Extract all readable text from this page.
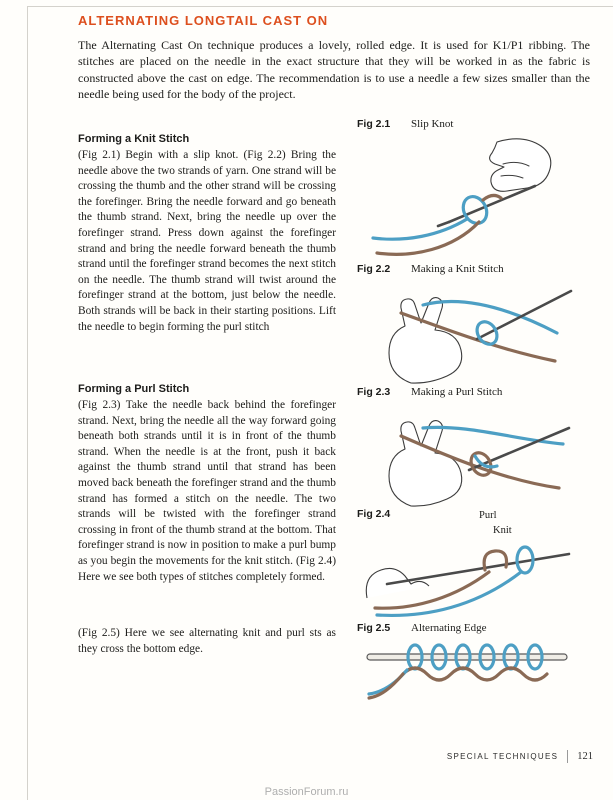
ALTERNATING LONGTAIL CAST ON

The Alternating Cast On technique produces a lovely, rolled edge. It is used for K1/P1 ribbing. The stitches are placed on the needle in the exact structure that they will be worked in as the fabric is constructed above the cast on edge. The recommendation is to use a needle a few sizes smaller than the needle being used for the body of the project.

Forming a Knit Stitch

(Fig 2.1) Begin with a slip knot. (Fig 2.2) Bring the needle above the two strands of yarn. One strand will be crossing the thumb and the other strand will be crossing the forefinger. Bring the needle forward and go beneath the thumb strand. Next, bring the needle up over the forefinger strand. Press down against the forefinger strand and bring the needle forward beneath the thumb strand until the forefinger strand becomes the next stitch on the needle. The thumb strand will twist around the forefinger strand at the bottom, just below the needle. Both strands will be back in their starting positions. Lift the needle to begin forming the purl stitch

Forming a Purl Stitch

(Fig 2.3) Take the needle back behind the forefinger strand. Next, bring the needle all the way forward going beneath both strands until it is in front of the thumb strand. When the needle is at the front, push it back against the thumb strand until that strand has been moved back beneath the forefinger strand and the thumb strand has formed a stitch on the needle. The two strands will be twisted with the forefinger strand crossing in front of the thumb strand at the bottom. That forefinger strand is now in position to make a purl bump as you begin the movements for the knit stitch. (Fig 2.4) Here we see both types of stitches completely formed.

(Fig 2.5) Here we see alternating knit and purl sts as they cross the bottom edge.

Fig 2.1	Slip Knot
Fig 2.2	Making a Knit Stitch
Fig 2.3	Making a Purl Stitch
Fig 2.4	Purl
Knit
Fig 2.5	Alternating Edge
SPECIAL TECHNIQUES 121
PassionForum.ru
